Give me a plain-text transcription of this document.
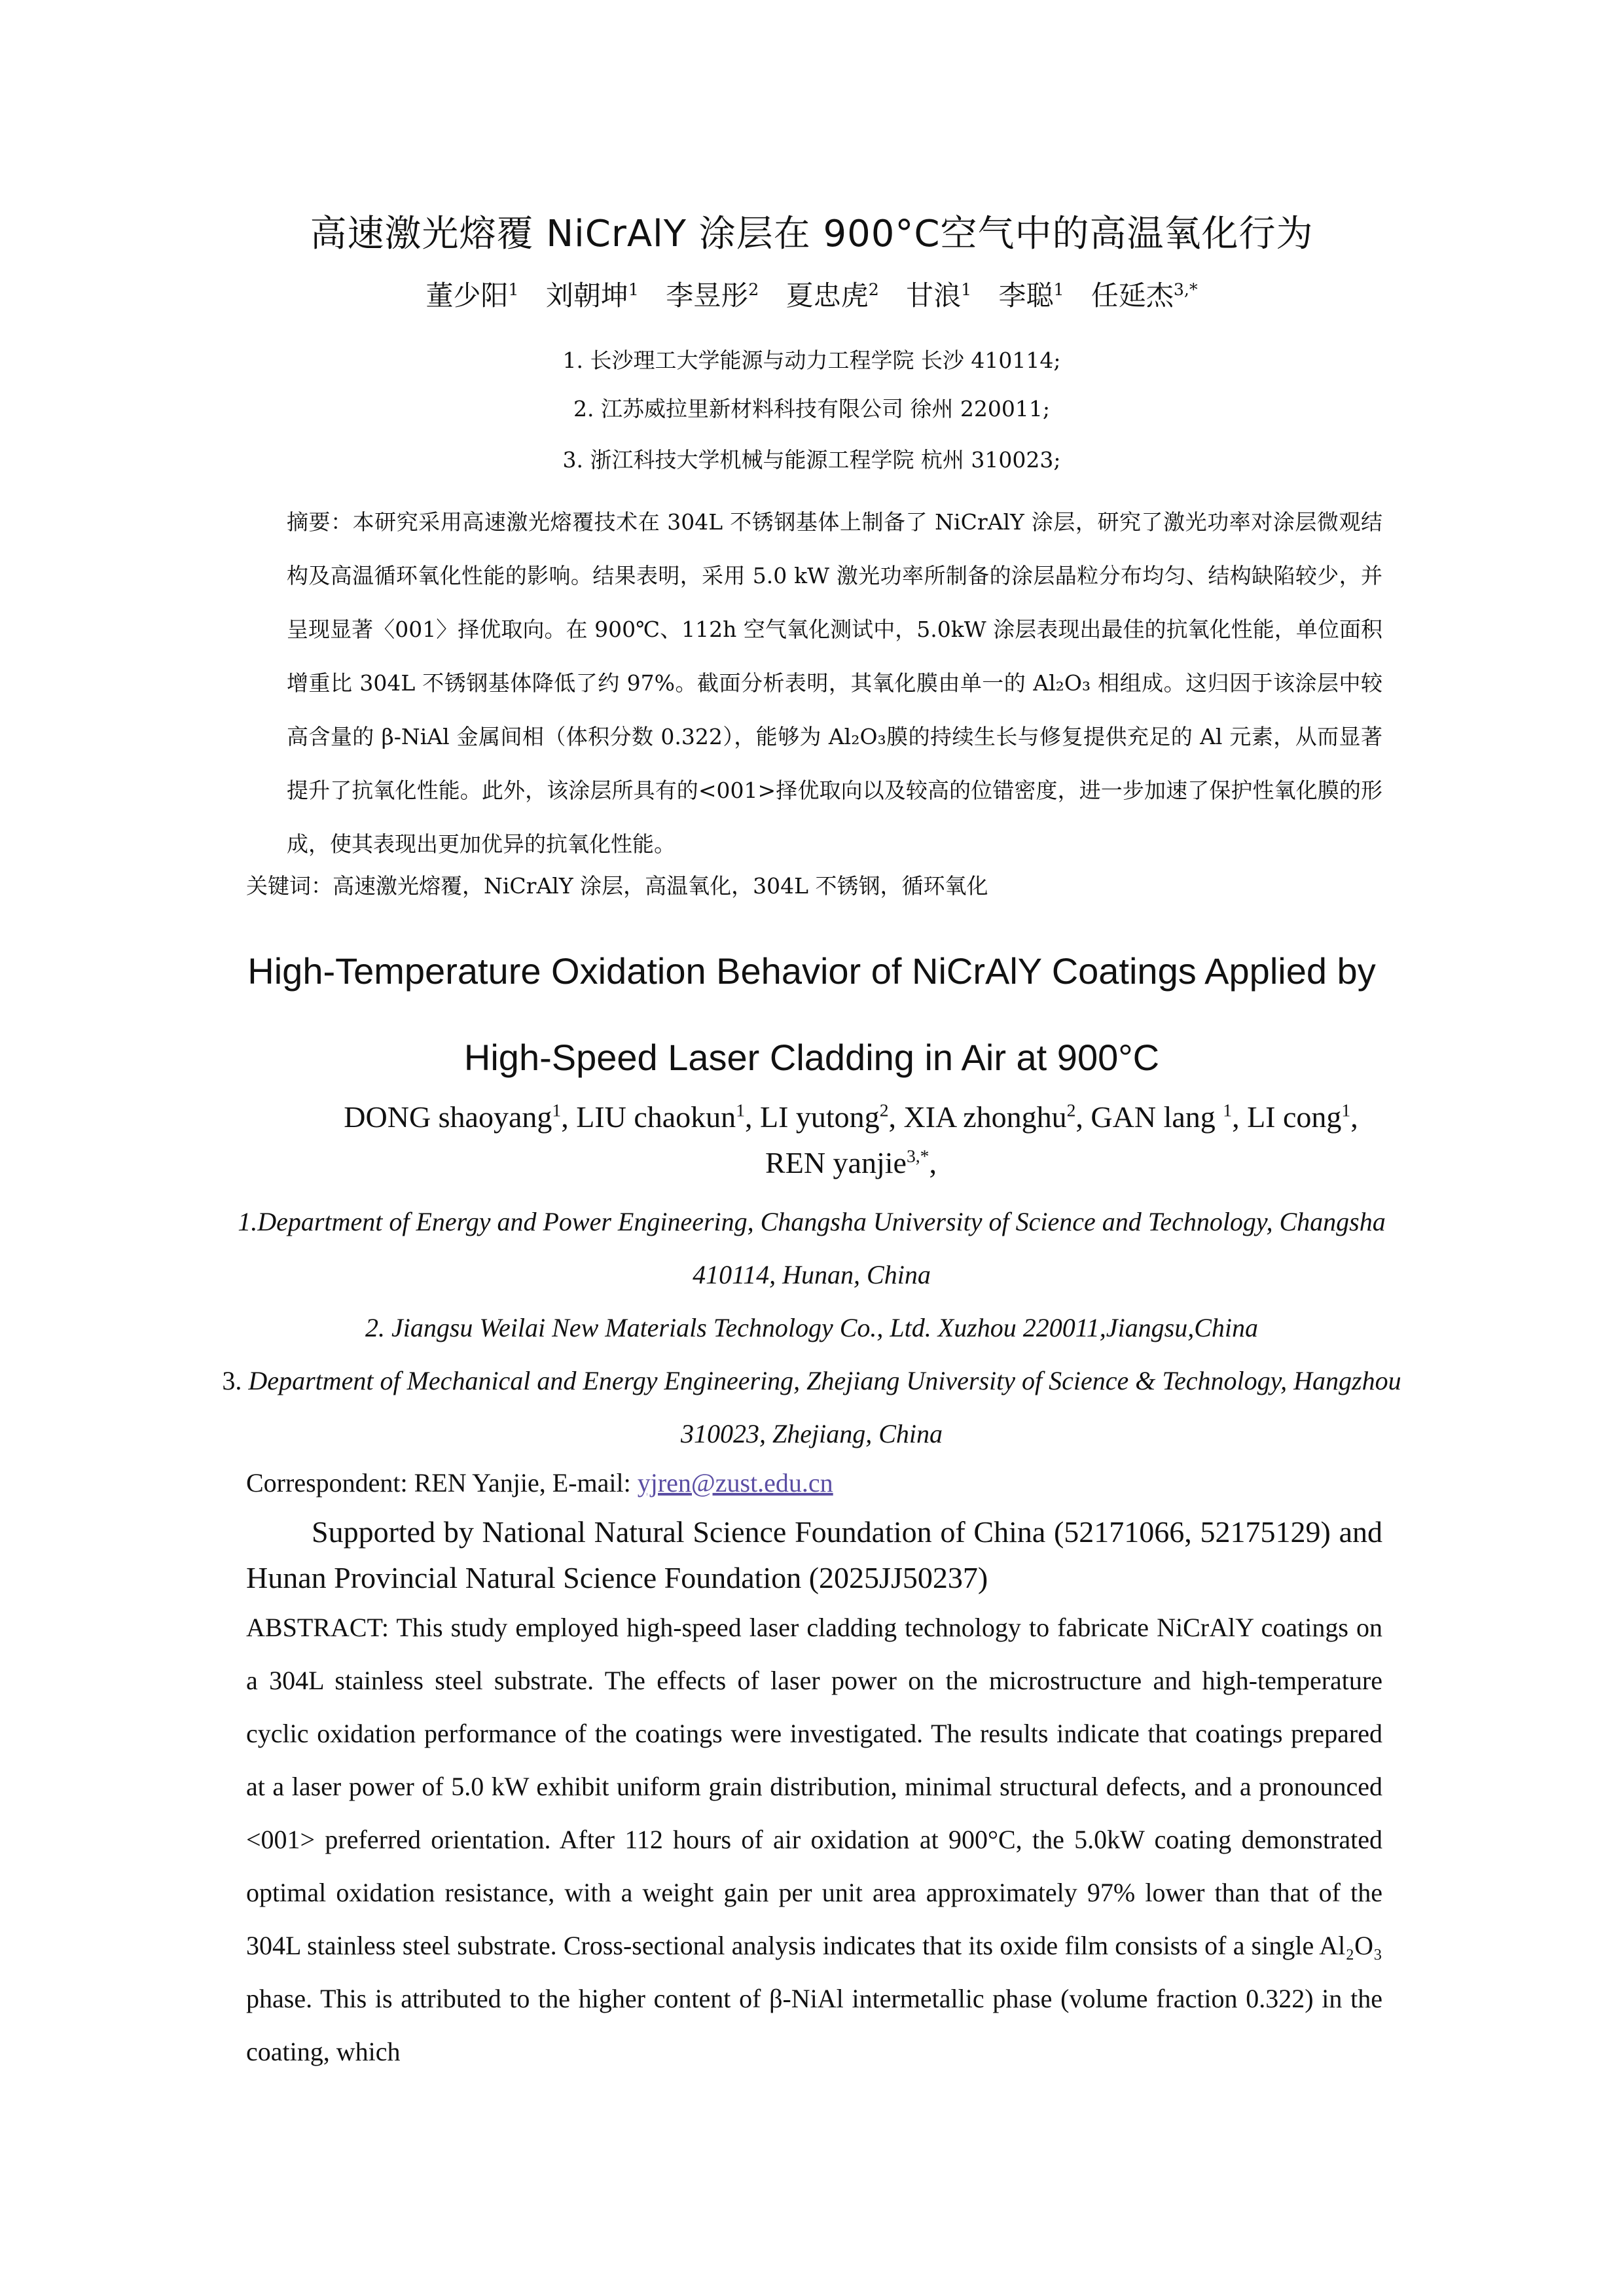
高速激光熔覆 NiCrAlY 涂层在 900°C空气中的高温氧化行为
董少阳$^1$ 刘朝坤$^1$ 李昱彤$^2$ 夏忠虎$^2$ 甘浪$^1$ 李聪$^1$ 任延杰$^{3,*}$
1. 长沙理工大学能源与动力工程学院 长沙 410114;
2. 江苏威拉里新材料科技有限公司 徐州 220011;
3. 浙江科技大学机械与能源工程学院 杭州 310023;
摘要：本研究采用高速激光熔覆技术在 304L 不锈钢基体上制备了 NiCrAlY 涂层，研究了激光功率对涂层微观结构及高温循环氧化性能的影响。结果表明，采用 5.0 kW 激光功率所制备的涂层晶粒分布均匀、结构缺陷较少，并呈现显著〈001〉择优取向。在 900℃、112h 空气氧化测试中，5.0kW 涂层表现出最佳的抗氧化性能，单位面积增重比 304L 不锈钢基体降低了约 97%。截面分析表明，其氧化膜由单一的 Al₂O₃ 相组成。这归因于该涂层中较高含量的 β-NiAl 金属间相（体积分数 0.322），能够为 Al₂O₃膜的持续生长与修复提供充足的 Al 元素，从而显著提升了抗氧化性能。此外，该涂层所具有的<001>择优取向以及较高的位错密度，进一步加速了保护性氧化膜的形成，使其表现出更加优异的抗氧化性能。
关键词：高速激光熔覆，NiCrAlY 涂层，高温氧化，304L 不锈钢，循环氧化
High-Temperature Oxidation Behavior of NiCrAlY Coatings Applied by
High-Speed Laser Cladding in Air at 900°C
DONG shaoyang$^1$, LIU chaokun$^1$, LI yutong$^2$, XIA zhonghu$^2$, GAN lang $^1$, LI cong$^1$, REN yanjie$^{3,*}$,
1.Department of Energy and Power Engineering, Changsha University of Science and Technology, Changsha 410114, Hunan, China
2. Jiangsu Weilai New Materials Technology Co., Ltd. Xuzhou 220011,Jiangsu,China
3. Department of Mechanical and Energy Engineering, Zhejiang University of Science & Technology, Hangzhou 310023, Zhejiang, China
Correspondent: REN Yanjie, E-mail: yjren@zust.edu.cn
Supported by National Natural Science Foundation of China (52171066, 52175129) and Hunan Provincial Natural Science Foundation (2025JJ50237)
ABSTRACT: This study employed high-speed laser cladding technology to fabricate NiCrAlY coatings on a 304L stainless steel substrate. The effects of laser power on the microstructure and high-temperature cyclic oxidation performance of the coatings were investigated. The results indicate that coatings prepared at a laser power of 5.0 kW exhibit uniform grain distribution, minimal structural defects, and a pronounced <001> preferred orientation. After 112 hours of air oxidation at 900°C, the 5.0kW coating demonstrated optimal oxidation resistance, with a weight gain per unit area approximately 97% lower than that of the 304L stainless steel substrate. Cross-sectional analysis indicates that its oxide film consists of a single Al₂O₃ phase. This is attributed to the higher content of β-NiAl intermetallic phase (volume fraction 0.322) in the coating, which
